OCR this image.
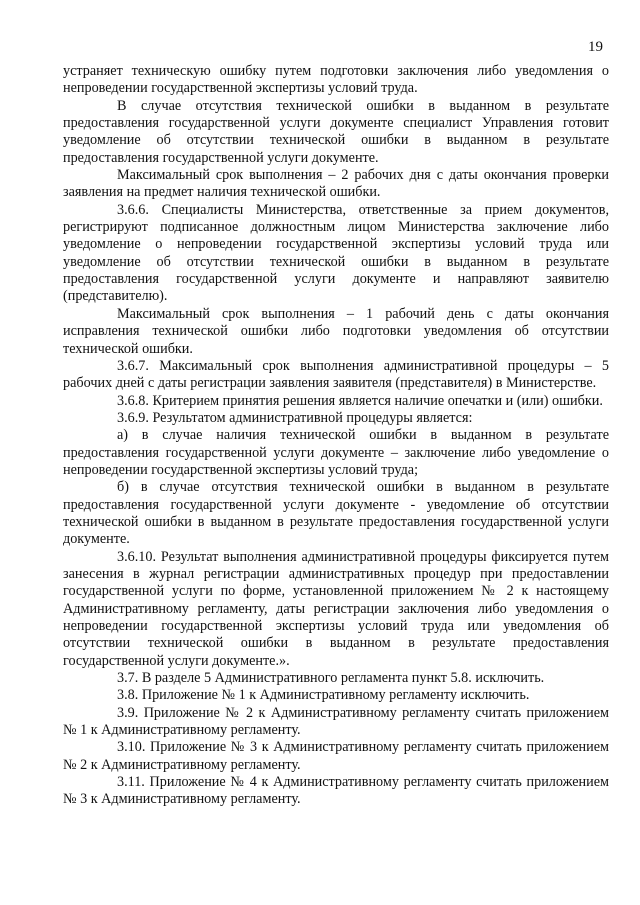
19

устраняет техническую ошибку путем подготовки заключения либо уведомления о непроведении государственной экспертизы условий труда.

В случае отсутствия технической ошибки в выданном в результате предоставления государственной услуги документе специалист Управления готовит уведомление об отсутствии технической ошибки в выданном в результате предоставления государственной услуги документе.

Максимальный срок выполнения – 2 рабочих дня с даты окончания проверки заявления на предмет наличия технической ошибки.

3.6.6. Специалисты Министерства, ответственные за прием документов, регистрируют подписанное должностным лицом Министерства заключение либо уведомление о непроведении государственной экспертизы условий труда или уведомление об отсутствии технической ошибки в выданном в результате предоставления государственной услуги документе и направляют заявителю (представителю).

Максимальный срок выполнения – 1 рабочий день с даты окончания исправления технической ошибки либо подготовки уведомления об отсутствии технической ошибки.

3.6.7. Максимальный срок выполнения административной процедуры – 5 рабочих дней с даты регистрации заявления заявителя (представителя) в Министерстве.

3.6.8. Критерием принятия решения является наличие опечатки и (или) ошибки.

3.6.9. Результатом административной процедуры является:

а) в случае наличия технической ошибки в выданном в результате предоставления государственной услуги документе – заключение либо уведомление о непроведении государственной экспертизы условий труда;

б) в случае отсутствия технической ошибки в выданном в результате предоставления государственной услуги документе - уведомление об отсутствии технической ошибки в выданном в результате предоставления государственной услуги документе.

3.6.10. Результат выполнения административной процедуры фиксируется путем занесения в журнал регистрации административных процедур при предоставлении государственной услуги по форме, установленной приложением № 2 к настоящему Административному регламенту, даты регистрации заключения либо уведомления о непроведении государственной экспертизы условий труда или уведомления об отсутствии технической ошибки в выданном в результате предоставления государственной услуги документе.».

3.7. В разделе 5 Административного регламента пункт 5.8. исключить.

3.8. Приложение № 1 к Административному регламенту исключить.

3.9. Приложение № 2 к Административному регламенту считать приложением № 1 к Административному регламенту.

3.10. Приложение № 3 к Административному регламенту считать приложением № 2 к Административному регламенту.

3.11. Приложение № 4 к Административному регламенту считать приложением № 3 к Административному регламенту.
